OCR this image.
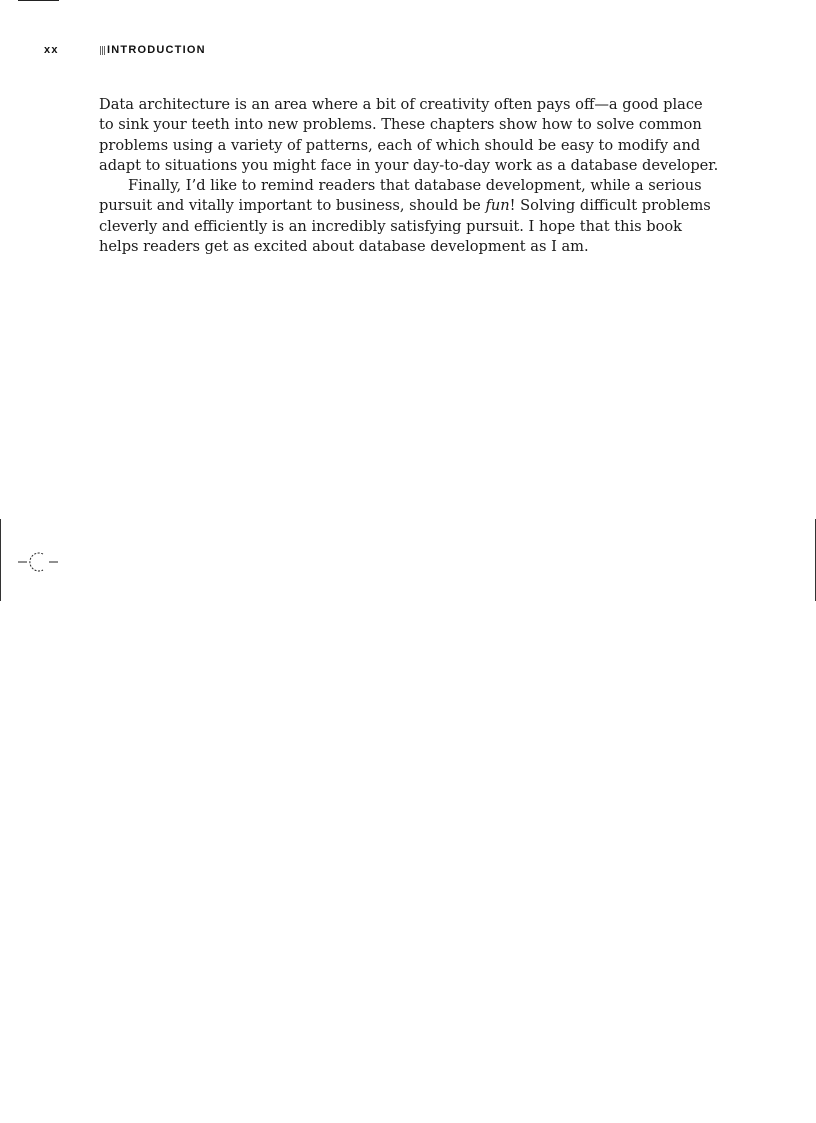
xx	INTRODUCTION

Data architecture is an area where a bit of creativity often pays off—a good place to sink your teeth into new problems. These chapters show how to solve common problems using a variety of patterns, each of which should be easy to modify and adapt to situations you might face in your day-to-day work as a database developer.

Finally, I’d like to remind readers that database development, while a serious pursuit and vitally important to business, should be fun! Solving difficult problems cleverly and efficiently is an incredibly satisfying pursuit. I hope that this book helps readers get as excited about database development as I am.
